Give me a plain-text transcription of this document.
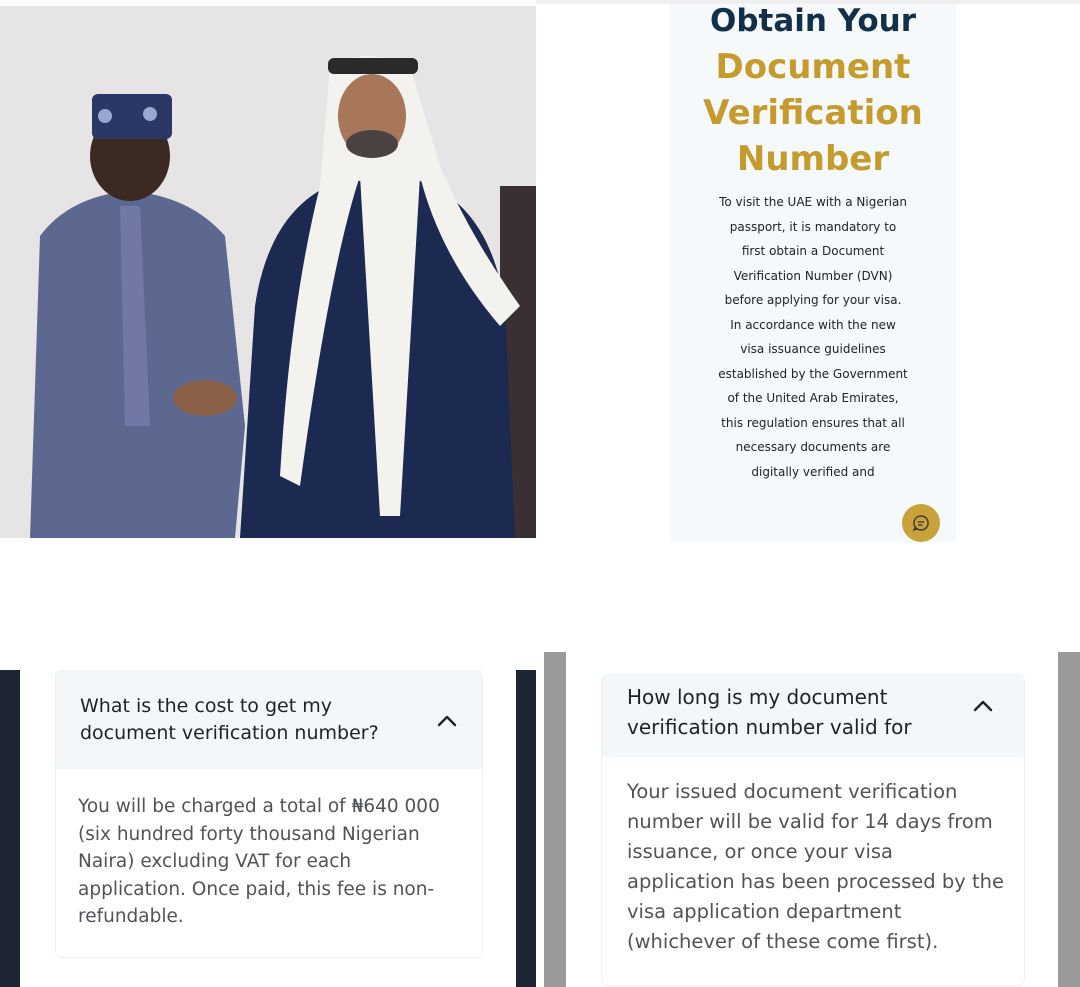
Obtain Your
Document
Verification
Number

To visit the UAE with a Nigerian passport, it is mandatory to first obtain a Document Verification Number (DVN) before applying for your visa. In accordance with the new visa issuance guidelines established by the Government of the United Arab Emirates, this regulation ensures that all necessary documents are digitally verified and

What is the cost to get my document verification number?

You will be charged a total of ₦640 000 (six hundred forty thousand Nigerian Naira) excluding VAT for each application. Once paid, this fee is non-refundable.

How long is my document verification number valid for

Your issued document verification number will be valid for 14 days from issuance, or once your visa application has been processed by the visa application department (whichever of these come first).
